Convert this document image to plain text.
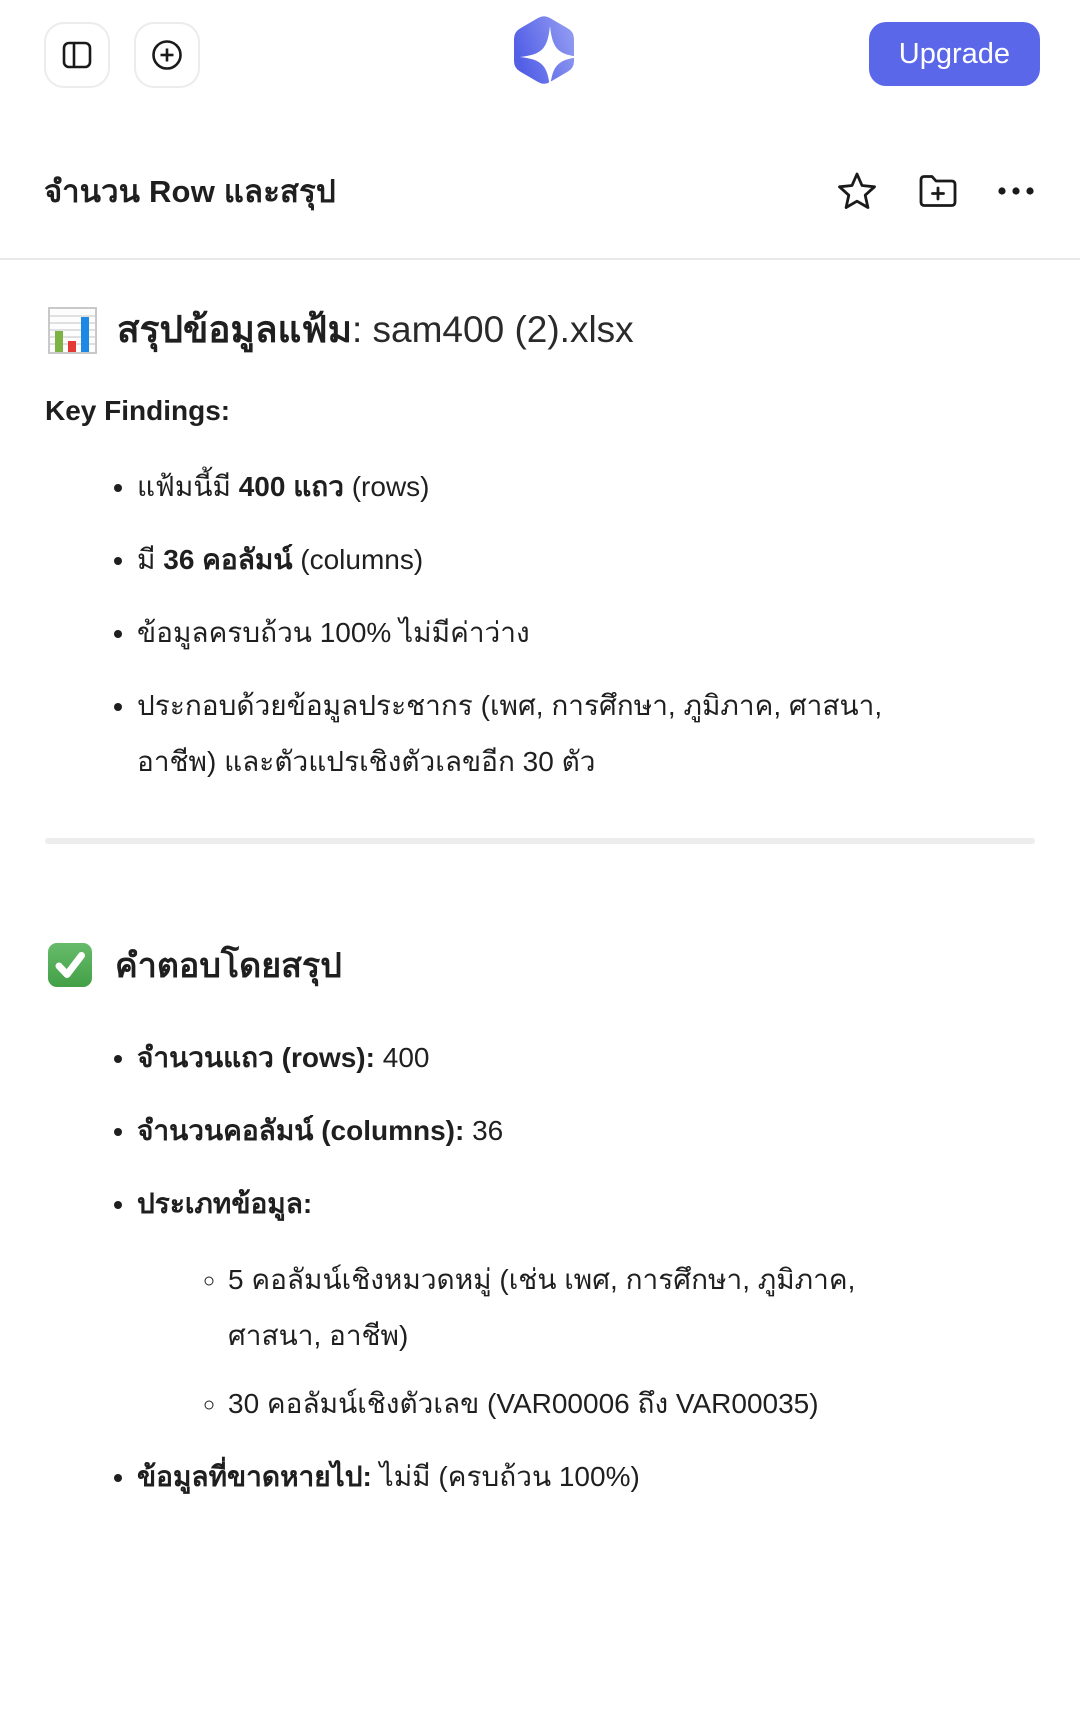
Upgrade
จำนวน Row และสรุป
สรุปข้อมูลแฟ้ม: sam400 (2).xlsx
Key Findings:
• แฟ้มนี้มี 400 แถว (rows)
• มี 36 คอลัมน์ (columns)
• ข้อมูลครบถ้วน 100% ไม่มีค่าว่าง
• ประกอบด้วยข้อมูลประชากร (เพศ, การศึกษา, ภูมิภาค, ศาสนา, อาชีพ) และตัวแปรเชิงตัวเลขอีก 30 ตัว
คำตอบโดยสรุป
• จำนวนแถว (rows): 400
• จำนวนคอลัมน์ (columns): 36
• ประเภทข้อมูล:
◦ 5 คอลัมน์เชิงหมวดหมู่ (เช่น เพศ, การศึกษา, ภูมิภาค, ศาสนา, อาชีพ)
◦ 30 คอลัมน์เชิงตัวเลข (VAR00006 ถึง VAR00035)
• ข้อมูลที่ขาดหายไป: ไม่มี (ครบถ้วน 100%)
